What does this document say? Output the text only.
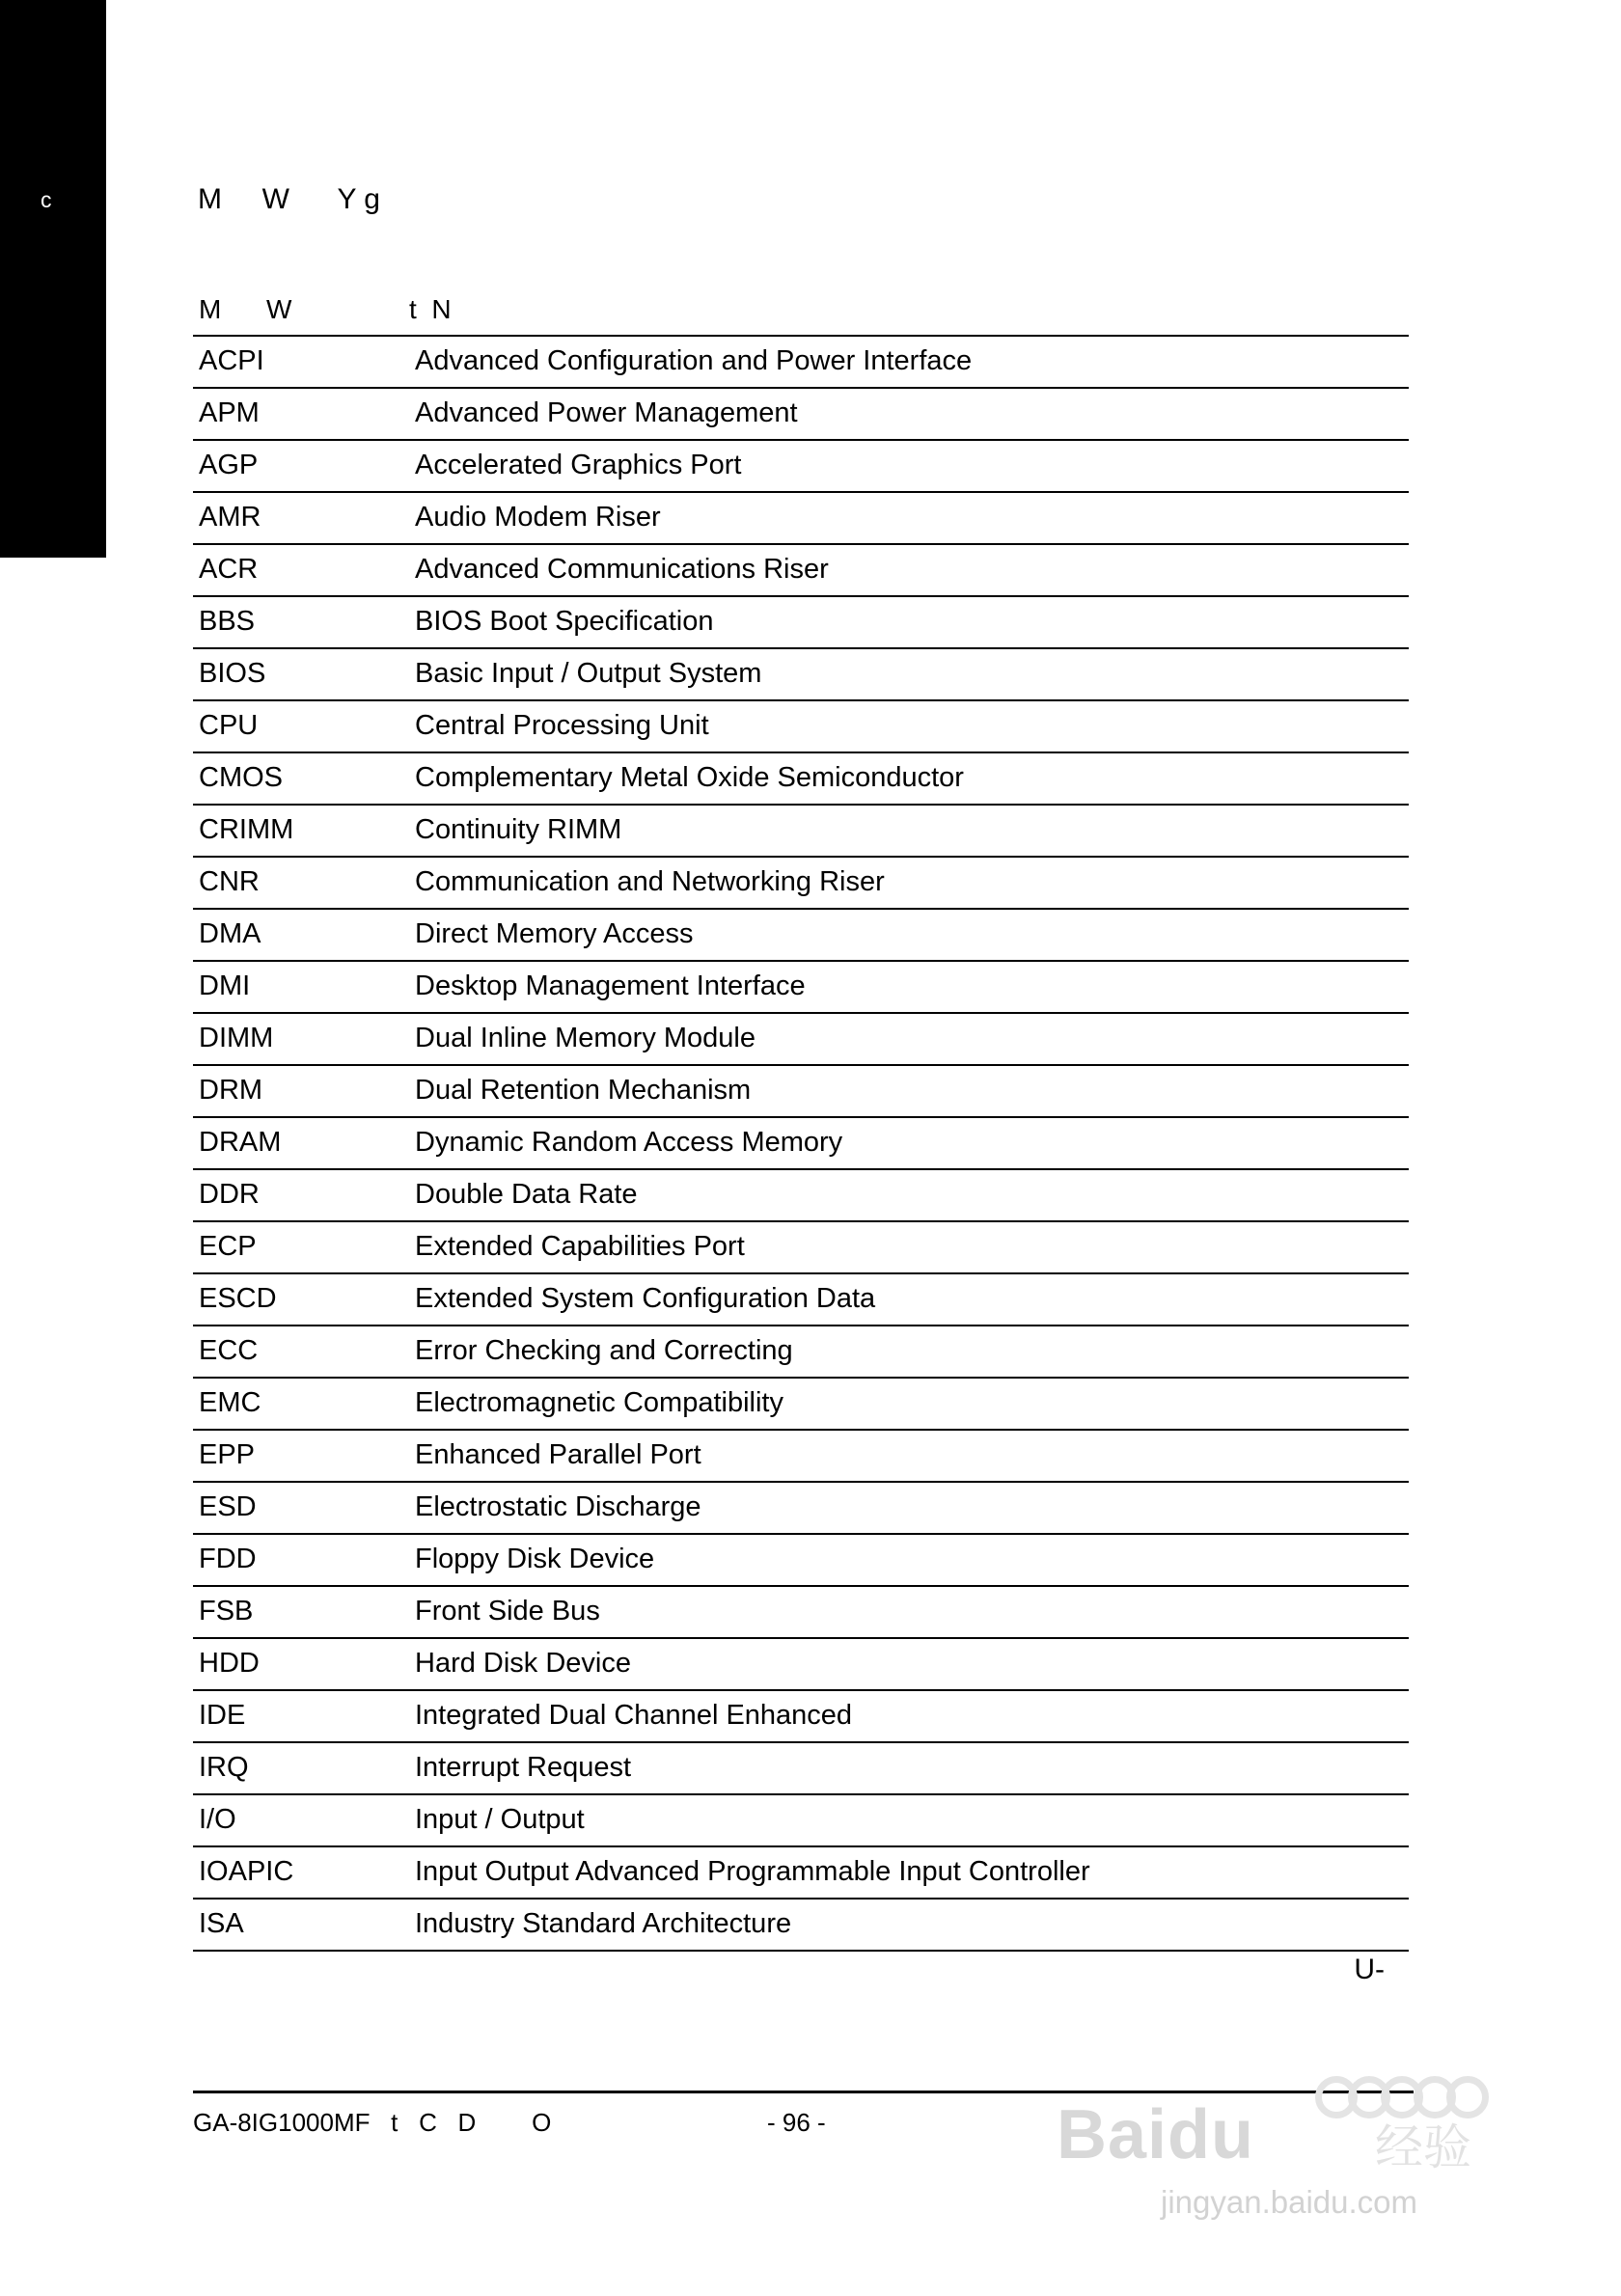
c	M     W      Y g
M      W	t  N
ACPI	Advanced Configuration and Power Interface
APM	Advanced Power Management
AGP	Accelerated Graphics Port
AMR	Audio Modem Riser
ACR	Advanced Communications Riser
BBS	BIOS Boot Specification
BIOS	Basic Input / Output System
CPU	Central Processing Unit
CMOS	Complementary Metal Oxide Semiconductor
CRIMM	Continuity RIMM
CNR	Communication and Networking Riser
DMA	Direct Memory Access
DMI	Desktop Management Interface
DIMM	Dual Inline Memory Module
DRM	Dual Retention Mechanism
DRAM	Dynamic Random Access Memory
DDR	Double Data Rate
ECP	Extended Capabilities Port
ESCD	Extended System Configuration Data
ECC	Error Checking and Correcting
EMC	Electromagnetic Compatibility
EPP	Enhanced Parallel Port
ESD	Electrostatic Discharge
FDD	Floppy Disk Device
FSB	Front Side Bus
HDD	Hard Disk Device
IDE	Integrated Dual Channel Enhanced
IRQ	Interrupt Request
I/O	Input / Output
IOAPIC	Input Output Advanced Programmable Input Controller
ISA	Industry Standard Architecture
U-

GA-8IG1000MF   t   C   D        O

	- 96 -	Baidu 经验
jingyan.baidu.com
